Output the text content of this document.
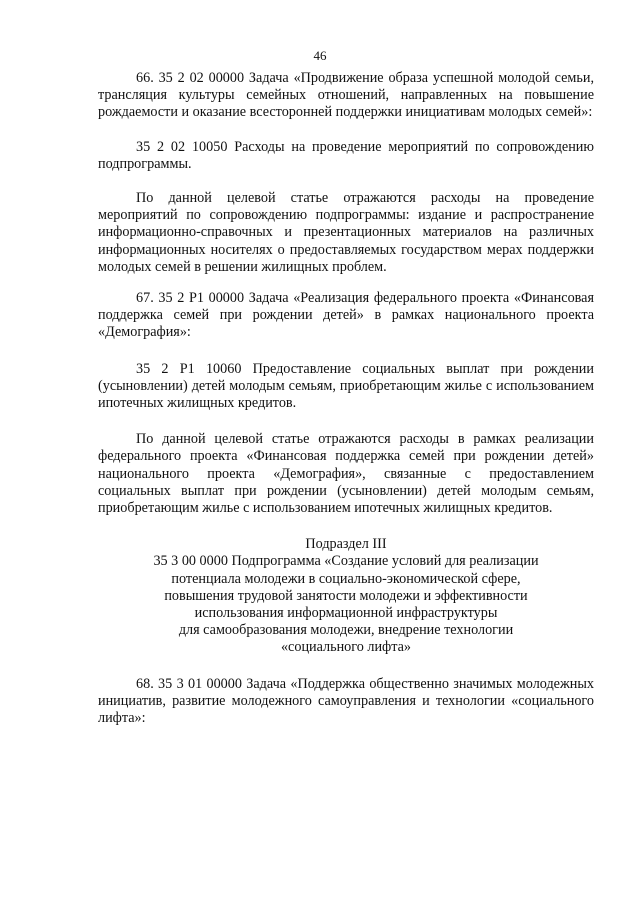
46

66. 35 2 02 00000 Задача «Продвижение образа успешной молодой семьи, трансляция культуры семейных отношений, направленных на повышение рождаемости и оказание всесторонней поддержки инициативам молодых семей»:

35 2 02 10050 Расходы на проведение мероприятий по сопровождению подпрограммы.

По данной целевой статье отражаются расходы на проведение мероприятий по сопровождению подпрограммы: издание и распространение информационно-справочных и презентационных материалов на различных информационных носителях о предоставляемых государством мерах поддержки молодых семей в решении жилищных проблем.

67. 35 2 Р1 00000 Задача «Реализация федерального проекта «Финансовая поддержка семей при рождении детей» в рамках национального проекта «Демография»:

35 2 Р1 10060 Предоставление социальных выплат при рождении (усыновлении) детей молодым семьям, приобретающим жилье с использованием ипотечных жилищных кредитов.

По данной целевой статье отражаются расходы в рамках реализации федерального проекта «Финансовая поддержка семей при рождении детей» национального проекта «Демография», связанные с предоставлением социальных выплат при рождении (усыновлении) детей молодым семьям, приобретающим жилье с использованием ипотечных жилищных кредитов.

Подраздел III
35 3 00 0000 Подпрограмма «Создание условий для реализации
потенциала молодежи в социально-экономической сфере,
повышения трудовой занятости молодежи и эффективности
использования информационной инфраструктуры
для самообразования молодежи, внедрение технологии
«социального лифта»

68. 35 3 01 00000 Задача «Поддержка общественно значимых молодежных инициатив, развитие молодежного самоуправления и технологии «социального лифта»:
